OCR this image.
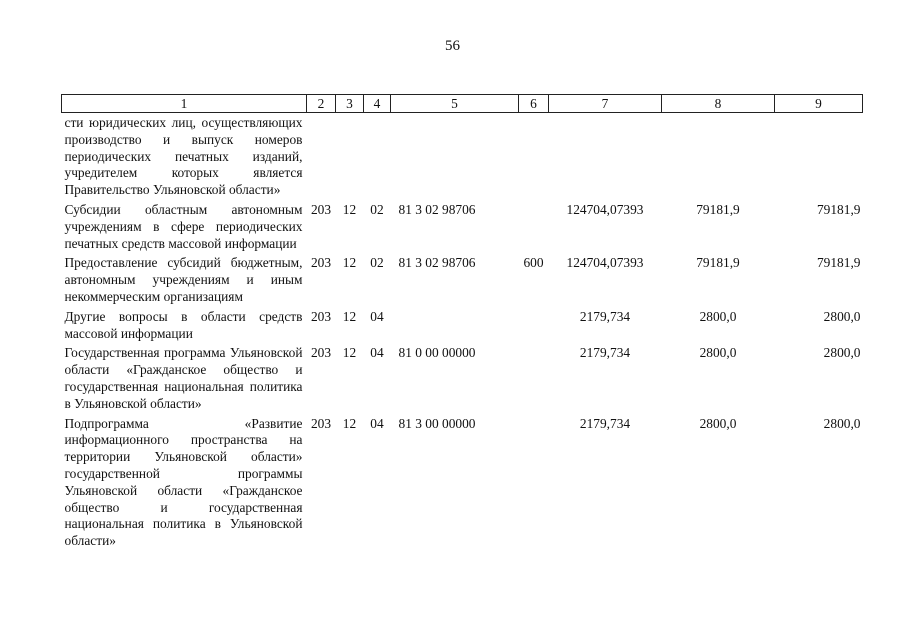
56
1	2	3	4	5	6	7	8	9
сти юридических лиц, осуществляющих производство и выпуск номеров периодических печатных изданий, учредителем которых является Правительство Ульяновской области»								
Субсидии областным автономным учреждениям в сфере периодических печатных средств массовой информации	203	12	02	81 3 02 98706		124704,07393	79181,9	79181,9
Предоставление субсидий бюджетным, автономным учреждениям и иным некоммерческим организациям	203	12	02	81 3 02 98706	600	124704,07393	79181,9	79181,9
Другие вопросы в области средств массовой информации	203	12	04			2179,734	2800,0	2800,0
Государственная программа Ульяновской области «Гражданское общество и государственная национальная политика в Ульяновской области»	203	12	04	81 0 00 00000		2179,734	2800,0	2800,0
Подпрограмма «Развитие информационного пространства на территории Ульяновской области» государственной программы Ульяновской области «Гражданское общество и государственная национальная политика в Ульяновской области»	203	12	04	81 3 00 00000		2179,734	2800,0	2800,0
